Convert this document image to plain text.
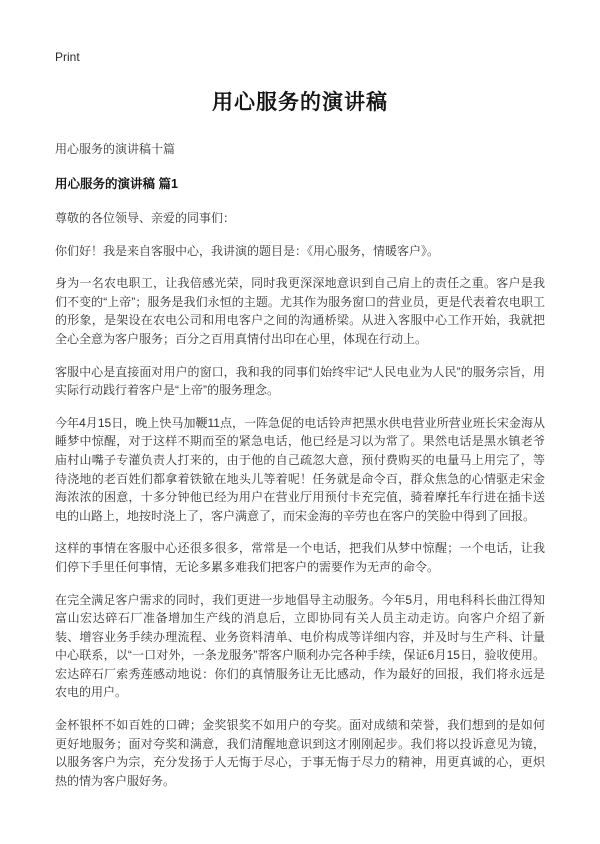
Print
用心服务的演讲稿

用心服务的演讲稿十篇

用心服务的演讲稿 篇1

尊敬的各位领导、亲爱的同事们：

你们好！我是来自客服中心，我讲演的题目是：《用心服务，情暖客户》。

身为一名农电职工，让我倍感光荣，同时我更深深地意识到自己肩上的责任之重。客户是我们不变的“上帝”；服务是我们永恒的主题。尤其作为服务窗口的营业员，更是代表着农电职工的形象，是架设在农电公司和用电客户之间的沟通桥梁。从进入客服中心工作开始，我就把全心全意为客户服务；百分之百用真情付出印在心里，体现在行动上。

客服中心是直接面对用户的窗口，我和我的同事们始终牢记“人民电业为人民”的服务宗旨，用实际行动践行着客户是“上帝”的服务理念。

今年4月15日，晚上快马加鞭11点，一阵急促的电话铃声把黑水供电营业所营业班长宋金海从睡梦中惊醒，对于这样不期而至的紧急电话，他已经是习以为常了。果然电话是黑水镇老爷庙村山嘴子专灌负责人打来的，由于他的自己疏忽大意，预付费购买的电量马上用完了，等待浇地的老百姓们都拿着铁锨在地头儿等着呢！任务就是命令百，群众焦急的心情驱走宋金海浓浓的困意，十多分钟他已经为用户在营业厅用预付卡充完值，骑着摩托车行进在插卡送电的山路上，地按时浇上了，客户满意了，而宋金海的辛劳也在客户的笑脸中得到了回报。

这样的事情在客服中心还很多很多，常常是一个电话，把我们从梦中惊醒；一个电话，让我们停下手里任何事情，无论多累多难我们把客户的需要作为无声的命令。

在完全满足客户需求的同时，我们更进一步地倡导主动服务。今年5月，用电科科长曲江得知富山宏达碎石厂准备增加生产线的消息后，立即协同有关人员主动走访。向客户介绍了新装、增容业务手续办理流程、业务资料清单、电价构成等详细内容，并及时与生产科、计量中心联系，以“一口对外，一条龙服务”帮客户顺利办完各种手续，保证6月15日，验收使用。宏达碎石厂索秀莲感动地说：你们的真情服务让无比感动，作为最好的回报，我们将永远是农电的用户。

金杯银杯不如百姓的口碑；金奖银奖不如用户的夸奖。面对成绩和荣誉，我们想到的是如何更好地服务；面对夸奖和满意，我们清醒地意识到这才刚刚起步。我们将以投诉意见为镜，以服务客户为宗，充分发扬于人无悔于尽心，于事无悔于尽力的精神，用更真诚的心，更炽热的情为客户服好务。
